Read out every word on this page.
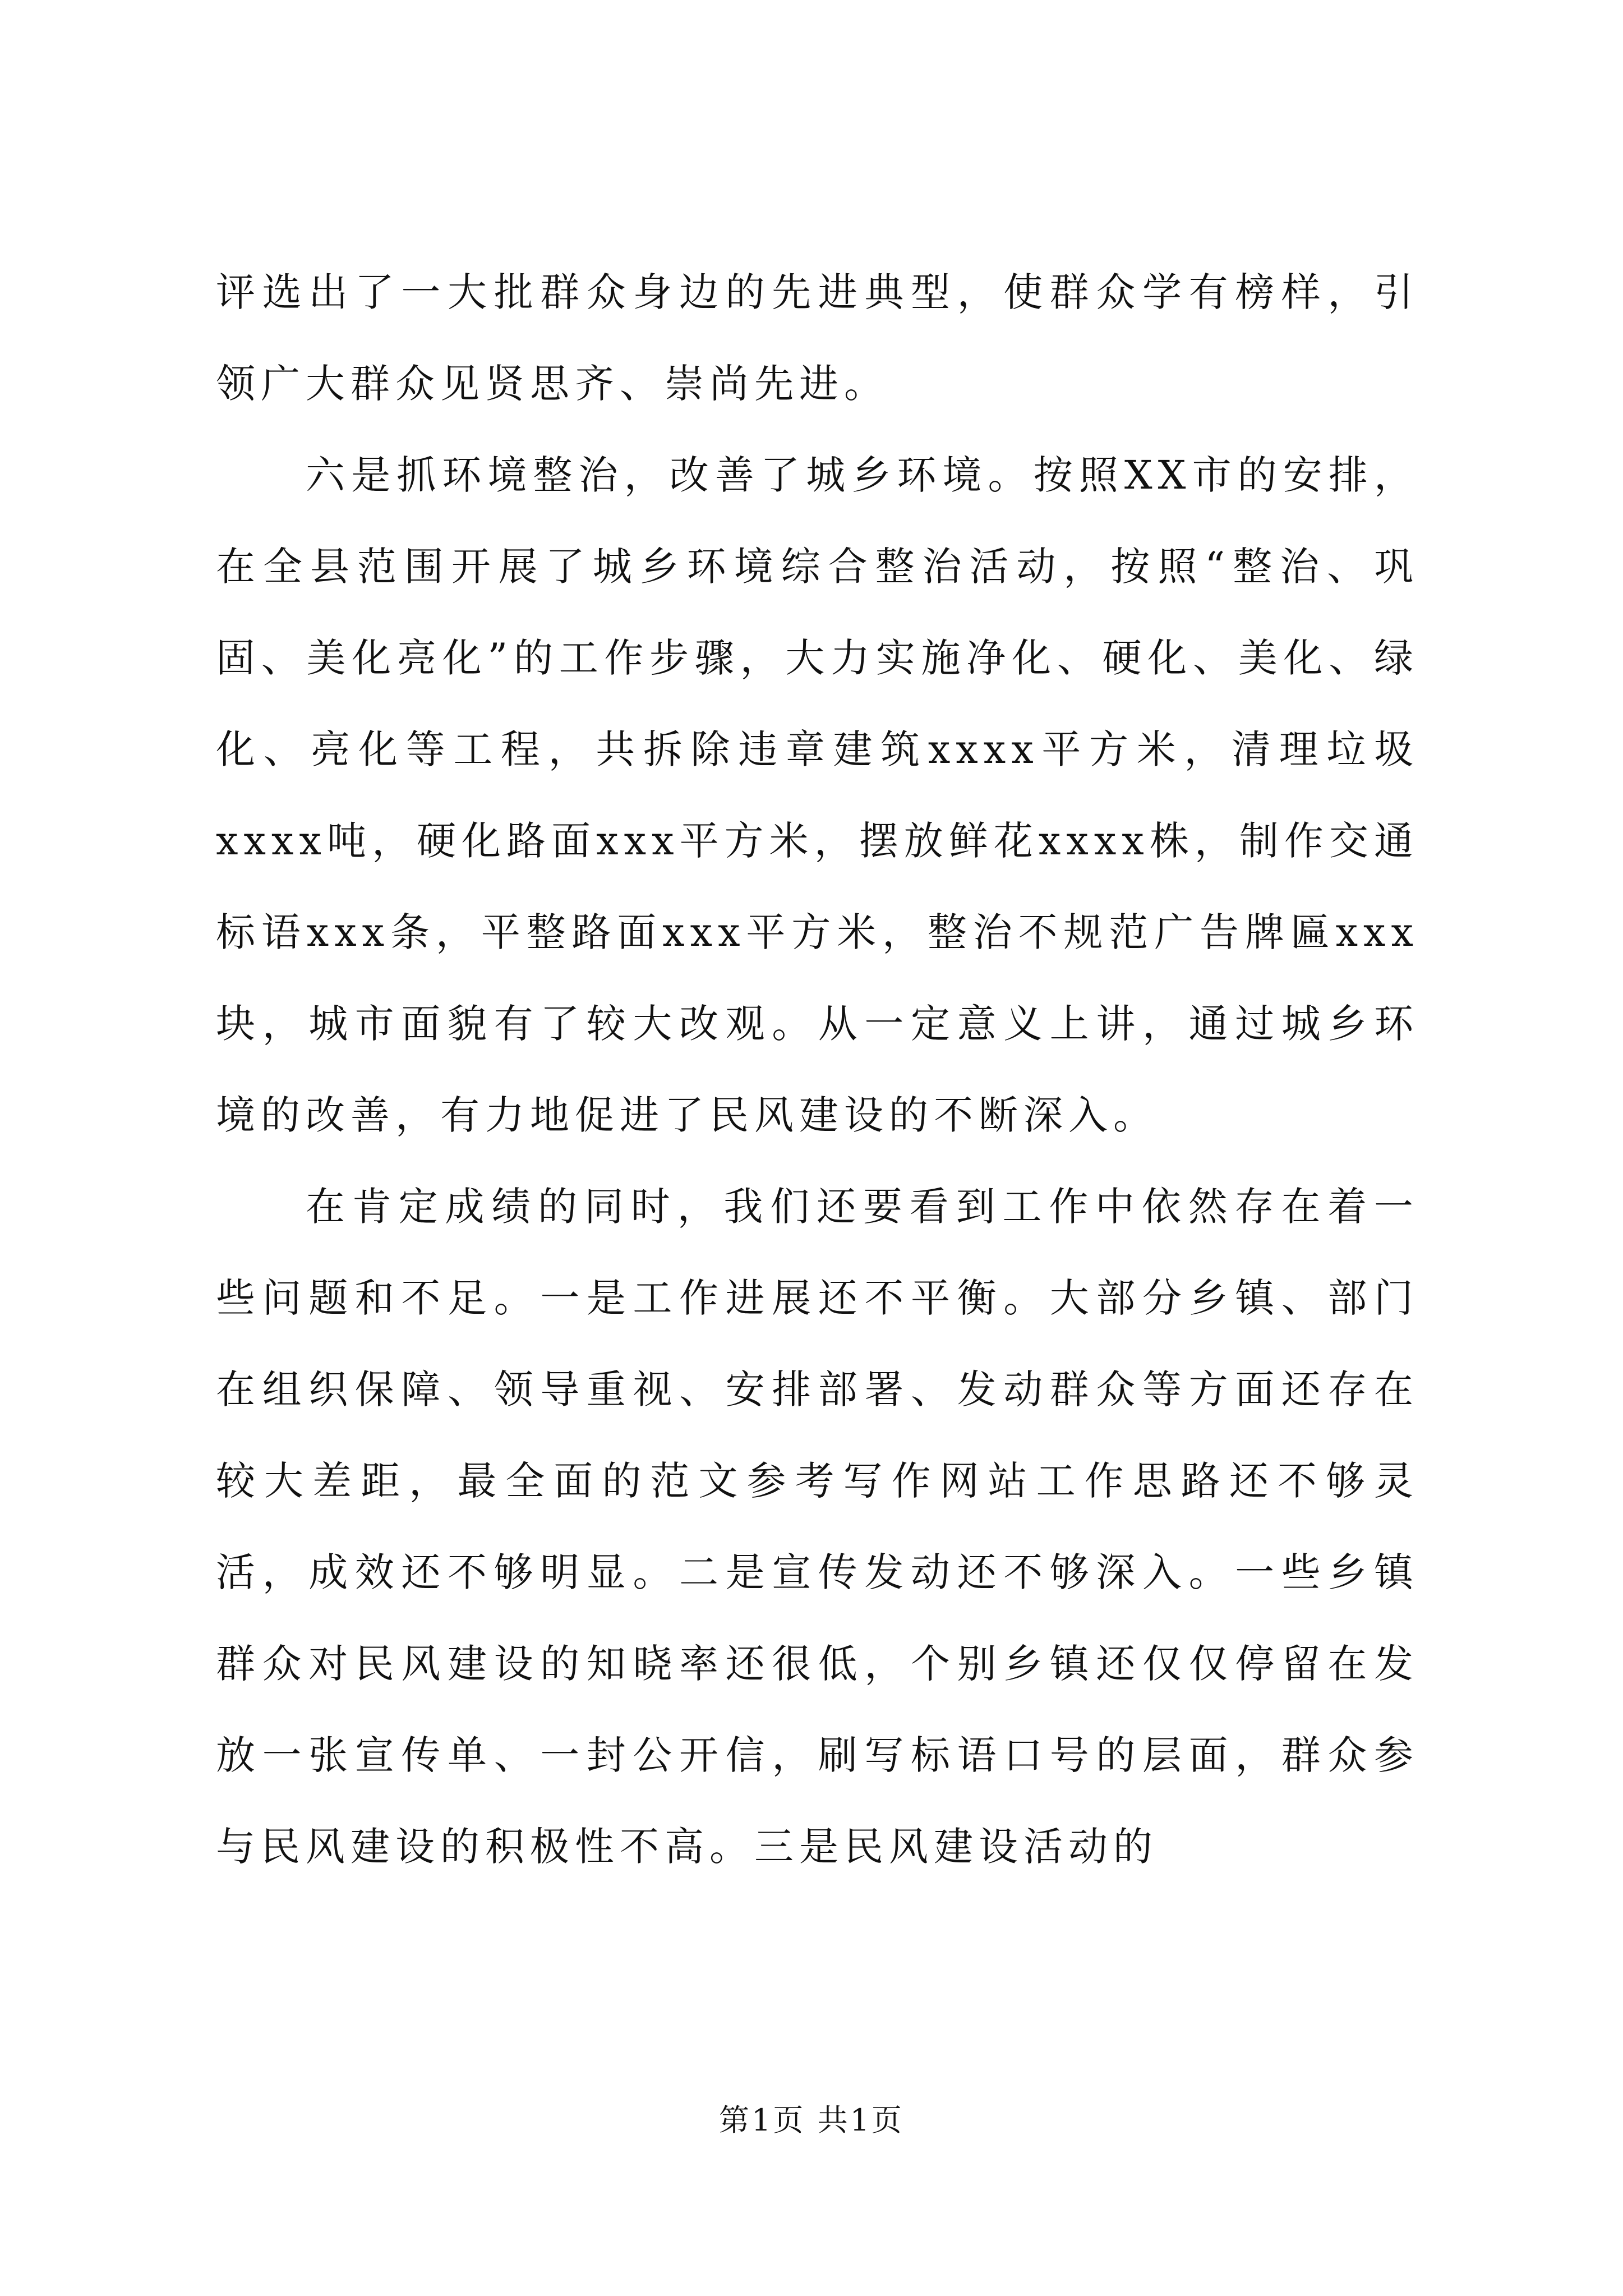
评选出了一大批群众身边的先进典型，使群众学有榜样，引领广大群众见贤思齐、崇尚先进。

六是抓环境整治，改善了城乡环境。按照XX市的安排，在全县范围开展了城乡环境综合整治活动，按照“整治、巩固、美化亮化”的工作步骤，大力实施净化、硬化、美化、绿化、亮化等工程，共拆除违章建筑xxxx平方米，清理垃圾xxxx吨，硬化路面xxx平方米，摆放鲜花xxxx株，制作交通标语xxx条，平整路面xxx平方米，整治不规范广告牌匾xxx块，城市面貌有了较大改观。从一定意义上讲，通过城乡环境的改善，有力地促进了民风建设的不断深入。

在肯定成绩的同时，我们还要看到工作中依然存在着一些问题和不足。一是工作进展还不平衡。大部分乡镇、部门在组织保障、领导重视、安排部署、发动群众等方面还存在较大差距，最全面的范文参考写作网站工作思路还不够灵活，成效还不够明显。二是宣传发动还不够深入。一些乡镇群众对民风建设的知晓率还很低，个别乡镇还仅仅停留在发放一张宣传单、一封公开信，刷写标语口号的层面，群众参与民风建设的积极性不高。三是民风建设活动的

第1页 共1页
